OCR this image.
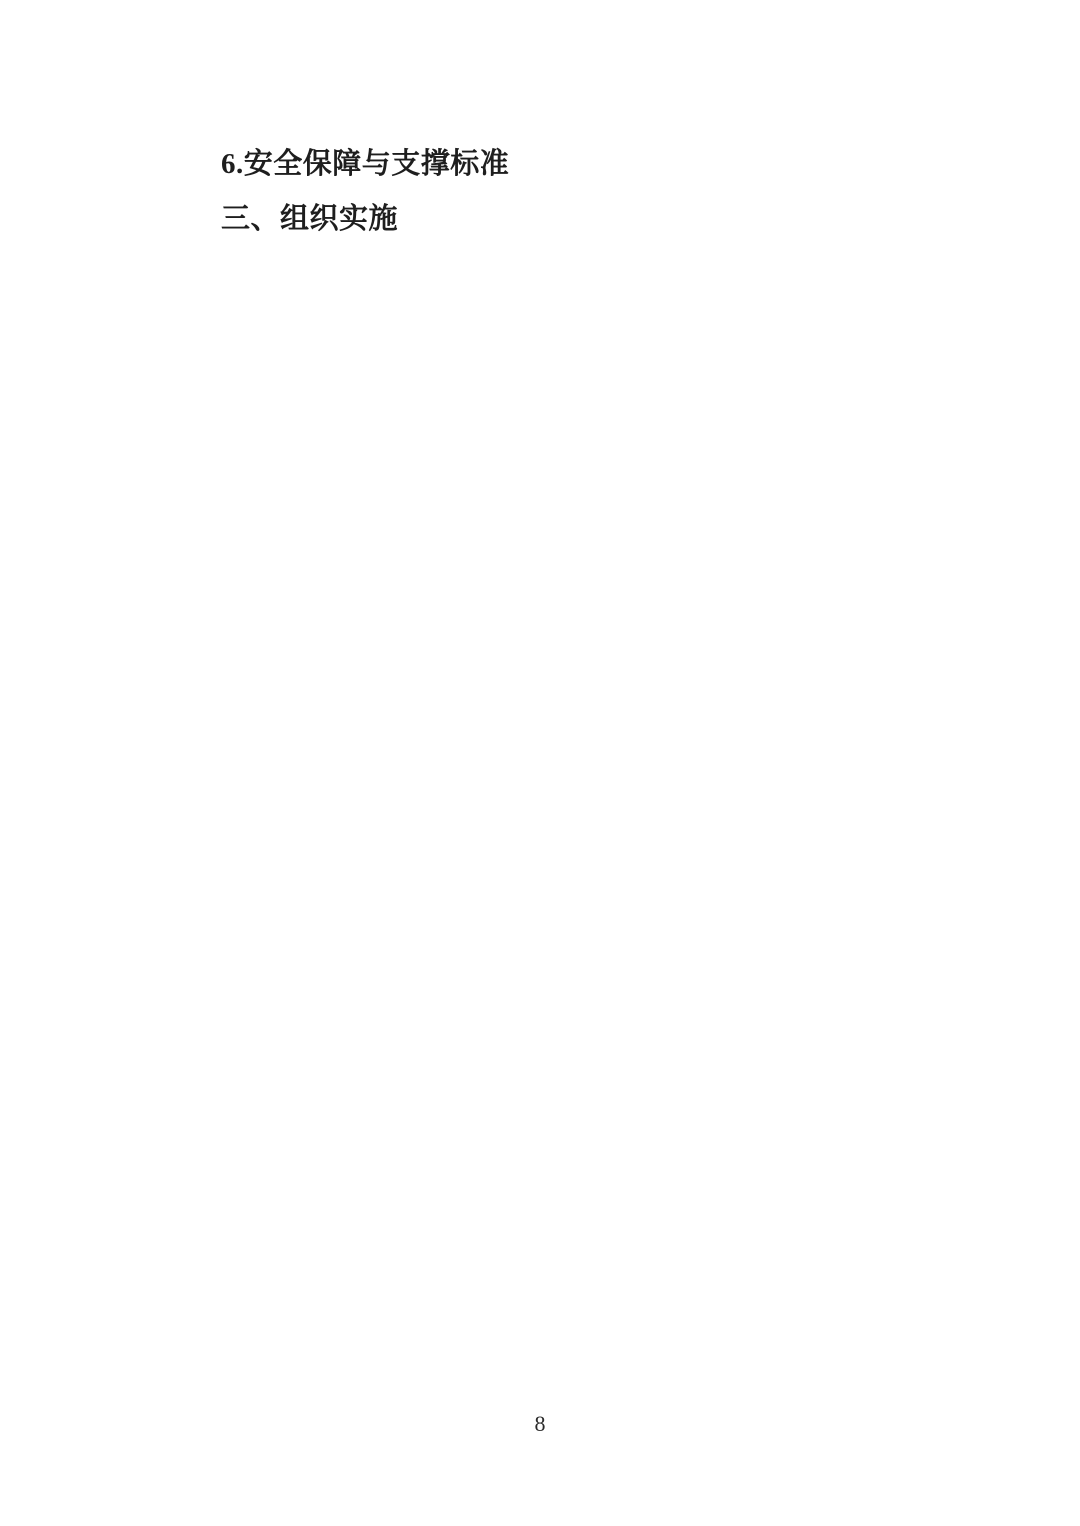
6.安全保障与支撑标准
三、组织实施
8
